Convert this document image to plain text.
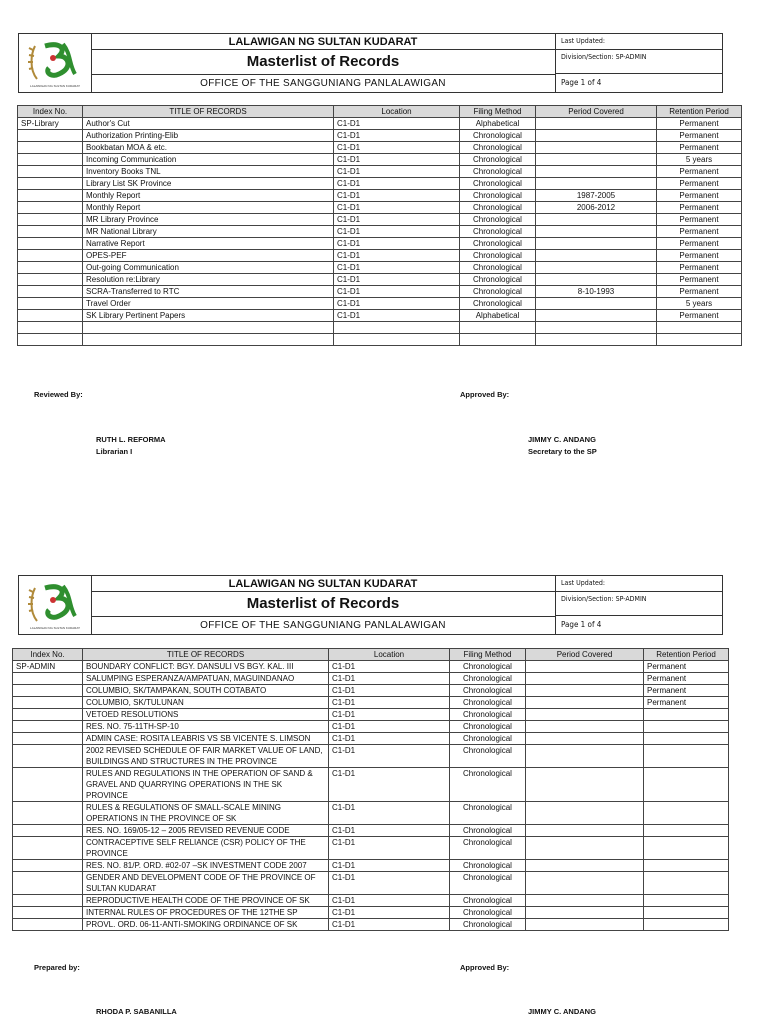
LALAWIGAN NG SULTAN KUDARAT
LALAWIGAN NG SULTAN KUDARAT
Masterlist of Records
OFFICE OF THE SANGGUNIANG PANLALAWIGAN
Last Updated:
Division/Section: SP-ADMIN
Page 1 of 4
Index No.	TITLE OF RECORDS	Location	Filing Method	Period Covered	Retention Period
SP-Library	Author's Cut	C1-D1	Alphabetical		Permanent
	Authorization Printing-Elib	C1-D1	Chronological		Permanent
	Bookbatan MOA & etc.	C1-D1	Chronological		Permanent
	Incoming Communication	C1-D1	Chronological		5 years
	Inventory Books TNL	C1-D1	Chronological		Permanent
	Library List SK Province	C1-D1	Chronological		Permanent
	Monthly Report	C1-D1	Chronological	1987-2005	Permanent
	Monthly Report	C1-D1	Chronological	2006-2012	Permanent
	MR Library Province	C1-D1	Chronological		Permanent
	MR National Library	C1-D1	Chronological		Permanent
	Narrative Report	C1-D1	Chronological		Permanent
	OPES-PEF	C1-D1	Chronological		Permanent
	Out-going Communication	C1-D1	Chronological		Permanent
	Resolution re:Library	C1-D1	Chronological		Permanent
	SCRA-Transferred to RTC	C1-D1	Chronological	8-10-1993	Permanent
	Travel Order	C1-D1	Chronological		5 years
	SK Library Pertinent Papers	C1-D1	Alphabetical		Permanent

Reviewed By:	Approved By:
RUTH L. REFORMA
Librarian I
JIMMY C. ANDANG
Secretary to the SP
LALAWIGAN NG SULTAN KUDARAT
LALAWIGAN NG SULTAN KUDARAT
Masterlist of Records
OFFICE OF THE SANGGUNIANG PANLALAWIGAN
Last Updated:
Division/Section: SP-ADMIN
Page 1 of 4
Index No.	TITLE OF RECORDS	Location	Filing Method	Period Covered	Retention Period
SP-ADMIN	BOUNDARY CONFLICT: BGY. DANSULI VS BGY. KAL. III	C1-D1	Chronological		Permanent
	SALUMPING ESPERANZA/AMPATUAN, MAGUINDANAO	C1-D1	Chronological		Permanent
	COLUMBIO, SK/TAMPAKAN, SOUTH COTABATO	C1-D1	Chronological		Permanent
	COLUMBIO, SK/TULUNAN	C1-D1	Chronological		Permanent
	VETOED RESOLUTIONS	C1-D1	Chronological		
	RES. NO. 75-11TH-SP-10	C1-D1	Chronological		
	ADMIN CASE: ROSITA LEABRIS VS SB VICENTE S. LIMSON	C1-D1	Chronological		
	2002 REVISED SCHEDULE OF FAIR MARKET VALUE OF LAND, BUILDINGS AND STRUCTURES IN THE PROVINCE	C1-D1	Chronological		
	RULES AND REGULATIONS IN THE OPERATION OF SAND & GRAVEL AND QUARRYING OPERATIONS IN THE SK PROVINCE	C1-D1	Chronological		
	RULES & REGULATIONS OF SMALL-SCALE MINING OPERATIONS IN THE PROVINCE OF SK	C1-D1	Chronological		
	RES. NO. 169/05-12 – 2005 REVISED REVENUE CODE	C1-D1	Chronological		
	CONTRACEPTIVE SELF RELIANCE (CSR) POLICY OF THE PROVINCE	C1-D1	Chronological		
	RES. NO. 81/P. ORD. #02-07 –SK INVESTMENT CODE 2007	C1-D1	Chronological		
	GENDER AND DEVELOPMENT CODE OF THE PROVINCE OF SULTAN KUDARAT	C1-D1	Chronological		
	REPRODUCTIVE HEALTH CODE OF THE PROVINCE OF SK	C1-D1	Chronological		
	INTERNAL RULES OF PROCEDURES OF THE 12THE SP	C1-D1	Chronological		
	PROVL. ORD. 06-11-ANTI-SMOKING ORDINANCE OF SK	C1-D1	Chronological		
Prepared by:	Approved By:
RHODA P. SABANILLA	JIMMY C. ANDANG
